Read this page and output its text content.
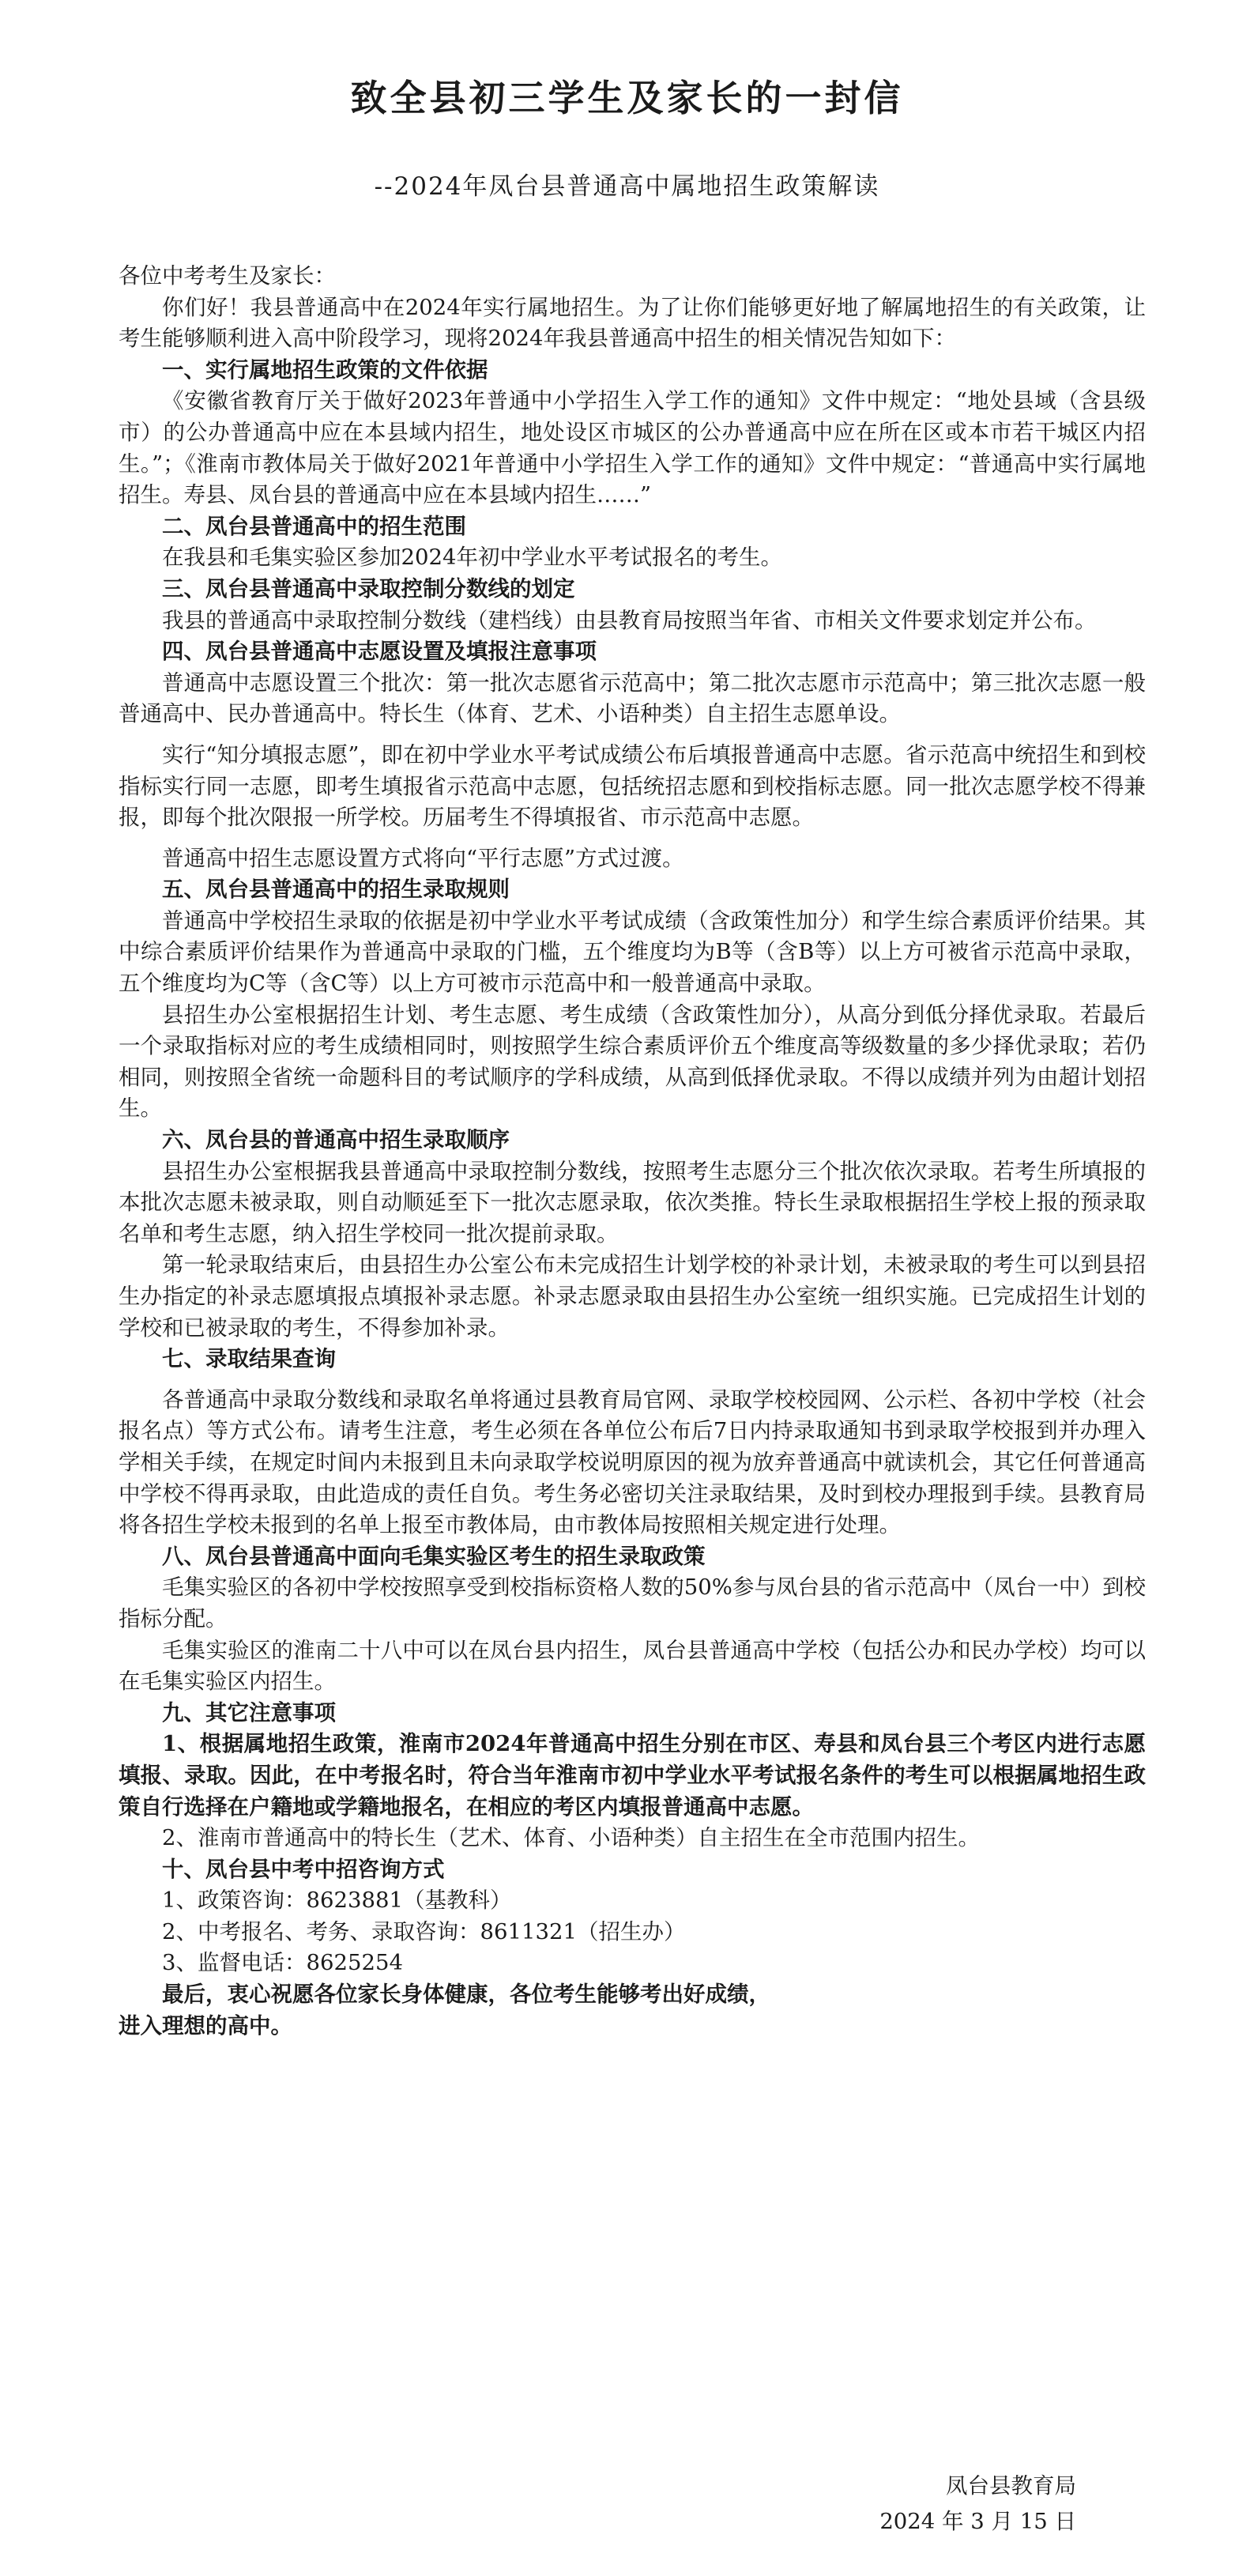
致全县初三学生及家长的一封信
--2024年凤台县普通高中属地招生政策解读

各位中考考生及家长：

你们好！我县普通高中在2024年实行属地招生。为了让你们能够更好地了解属地招生的有关政策，让考生能够顺利进入高中阶段学习，现将2024年我县普通高中招生的相关情况告知如下：

一、实行属地招生政策的文件依据

《安徽省教育厅关于做好2023年普通中小学招生入学工作的通知》文件中规定：“地处县域（含县级市）的公办普通高中应在本县域内招生，地处设区市城区的公办普通高中应在所在区或本市若干城区内招生。”；《淮南市教体局关于做好2021年普通中小学招生入学工作的通知》文件中规定：“普通高中实行属地招生。寿县、凤台县的普通高中应在本县域内招生……”

二、凤台县普通高中的招生范围

在我县和毛集实验区参加2024年初中学业水平考试报名的考生。

三、凤台县普通高中录取控制分数线的划定

我县的普通高中录取控制分数线（建档线）由县教育局按照当年省、市相关文件要求划定并公布。

四、凤台县普通高中志愿设置及填报注意事项

普通高中志愿设置三个批次：第一批次志愿省示范高中；第二批次志愿市示范高中；第三批次志愿一般普通高中、民办普通高中。特长生（体育、艺术、小语种类）自主招生志愿单设。

实行“知分填报志愿”，即在初中学业水平考试成绩公布后填报普通高中志愿。省示范高中统招生和到校指标实行同一志愿，即考生填报省示范高中志愿，包括统招志愿和到校指标志愿。同一批次志愿学校不得兼报，即每个批次限报一所学校。历届考生不得填报省、市示范高中志愿。

普通高中招生志愿设置方式将向“平行志愿”方式过渡。

五、凤台县普通高中的招生录取规则

普通高中学校招生录取的依据是初中学业水平考试成绩（含政策性加分）和学生综合素质评价结果。其中综合素质评价结果作为普通高中录取的门槛，五个维度均为B等（含B等）以上方可被省示范高中录取，五个维度均为C等（含C等）以上方可被市示范高中和一般普通高中录取。

县招生办公室根据招生计划、考生志愿、考生成绩（含政策性加分），从高分到低分择优录取。若最后一个录取指标对应的考生成绩相同时，则按照学生综合素质评价五个维度高等级数量的多少择优录取；若仍相同，则按照全省统一命题科目的考试顺序的学科成绩，从高到低择优录取。不得以成绩并列为由超计划招生。

六、凤台县的普通高中招生录取顺序

县招生办公室根据我县普通高中录取控制分数线，按照考生志愿分三个批次依次录取。若考生所填报的本批次志愿未被录取，则自动顺延至下一批次志愿录取，依次类推。特长生录取根据招生学校上报的预录取名单和考生志愿，纳入招生学校同一批次提前录取。

第一轮录取结束后，由县招生办公室公布未完成招生计划学校的补录计划，未被录取的考生可以到县招生办指定的补录志愿填报点填报补录志愿。补录志愿录取由县招生办公室统一组织实施。已完成招生计划的学校和已被录取的考生，不得参加补录。

七、录取结果查询

各普通高中录取分数线和录取名单将通过县教育局官网、录取学校校园网、公示栏、各初中学校（社会报名点）等方式公布。请考生注意，考生必须在各单位公布后7日内持录取通知书到录取学校报到并办理入学相关手续，在规定时间内未报到且未向录取学校说明原因的视为放弃普通高中就读机会，其它任何普通高中学校不得再录取，由此造成的责任自负。考生务必密切关注录取结果，及时到校办理报到手续。县教育局将各招生学校未报到的名单上报至市教体局，由市教体局按照相关规定进行处理。

八、凤台县普通高中面向毛集实验区考生的招生录取政策

毛集实验区的各初中学校按照享受到校指标资格人数的50%参与凤台县的省示范高中（凤台一中）到校指标分配。

毛集实验区的淮南二十八中可以在凤台县内招生，凤台县普通高中学校（包括公办和民办学校）均可以在毛集实验区内招生。

九、其它注意事项

1、根据属地招生政策，淮南市2024年普通高中招生分别在市区、寿县和凤台县三个考区内进行志愿填报、录取。因此，在中考报名时，符合当年淮南市初中学业水平考试报名条件的考生可以根据属地招生政策自行选择在户籍地或学籍地报名，在相应的考区内填报普通高中志愿。

2、淮南市普通高中的特长生（艺术、体育、小语种类）自主招生在全市范围内招生。

十、凤台县中考中招咨询方式

1、政策咨询：8623881（基教科）

2、中考报名、考务、录取咨询：8611321（招生办）

3、监督电话：8625254

最后，衷心祝愿各位家长身体健康，各位考生能够考出好成绩，

进入理想的高中。

凤台县教育局
2024 年 3 月 15 日
